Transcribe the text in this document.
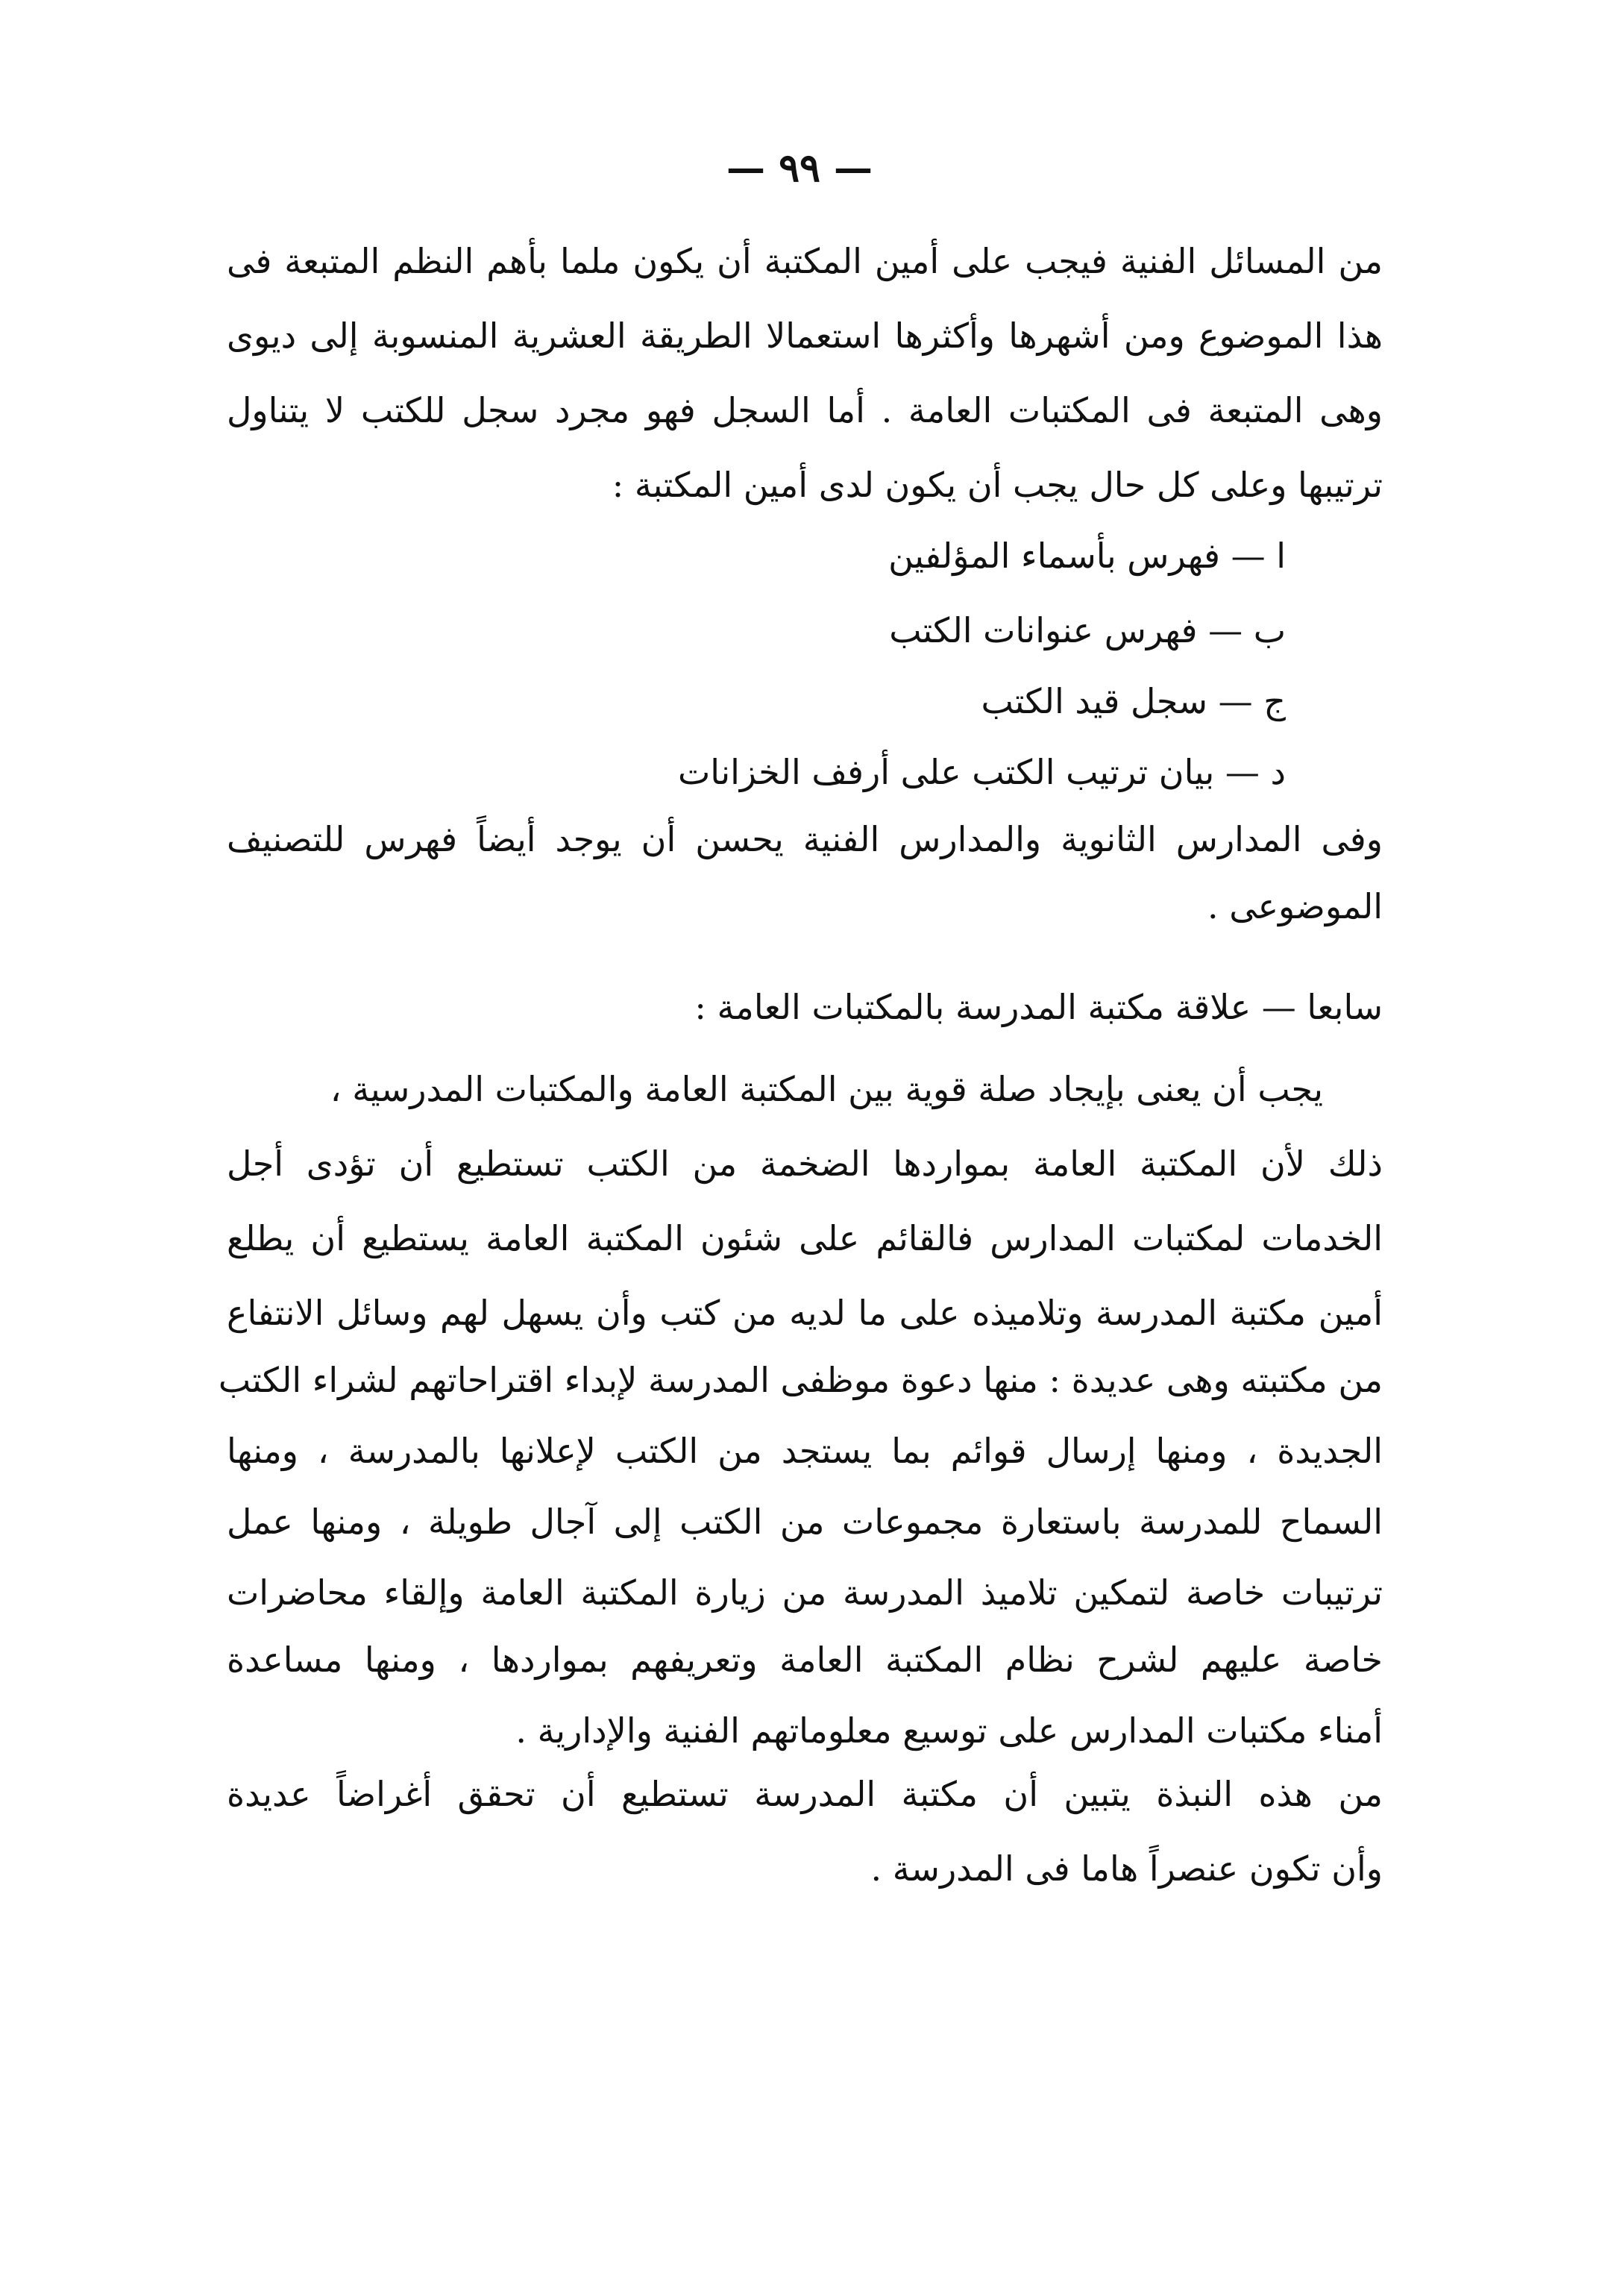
— ٩٩ —
من المسائل الفنية فيجب على أمين المكتبة أن يكون ملما بأهم النظم المتبعة فى
هذا الموضوع ومن أشهرها وأكثرها استعمالا الطريقة العشرية المنسوبة إلى ديوى
وهى المتبعة فى المكتبات العامة . أما السجل فهو مجرد سجل للكتب لا يتناول
ترتيبها وعلى كل حال يجب أن يكون لدى أمين المكتبة :
ا — فهرس بأسماء المؤلفين
ب — فهرس عنوانات الكتب
ج — سجل قيد الكتب
د — بيان ترتيب الكتب على أرفف الخزانات
وفى المدارس الثانوية والمدارس الفنية يحسن أن يوجد أيضاً فهرس للتصنيف
الموضوعى .
سابعا — علاقة مكتبة المدرسة بالمكتبات العامة :
يجب أن يعنى بإيجاد صلة قوية بين المكتبة العامة والمكتبات المدرسية ،
ذلك لأن المكتبة العامة بمواردها الضخمة من الكتب تستطيع أن تؤدى أجل
الخدمات لمكتبات المدارس فالقائم على شئون المكتبة العامة يستطيع أن يطلع
أمين مكتبة المدرسة وتلاميذه على ما لديه من كتب وأن يسهل لهم وسائل الانتفاع
من مكتبته وهى عديدة : منها دعوة موظفى المدرسة لإبداء اقتراحاتهم لشراء الكتب
الجديدة ، ومنها إرسال قوائم بما يستجد من الكتب لإعلانها بالمدرسة ، ومنها
السماح للمدرسة باستعارة مجموعات من الكتب إلى آجال طويلة ، ومنها عمل
ترتيبات خاصة لتمكين تلاميذ المدرسة من زيارة المكتبة العامة وإلقاء محاضرات
خاصة عليهم لشرح نظام المكتبة العامة وتعريفهم بمواردها ، ومنها مساعدة
أمناء مكتبات المدارس على توسيع معلوماتهم الفنية والإدارية .
من هذه النبذة يتبين أن مكتبة المدرسة تستطيع أن تحقق أغراضاً عديدة
وأن تكون عنصراً هاما فى المدرسة .
